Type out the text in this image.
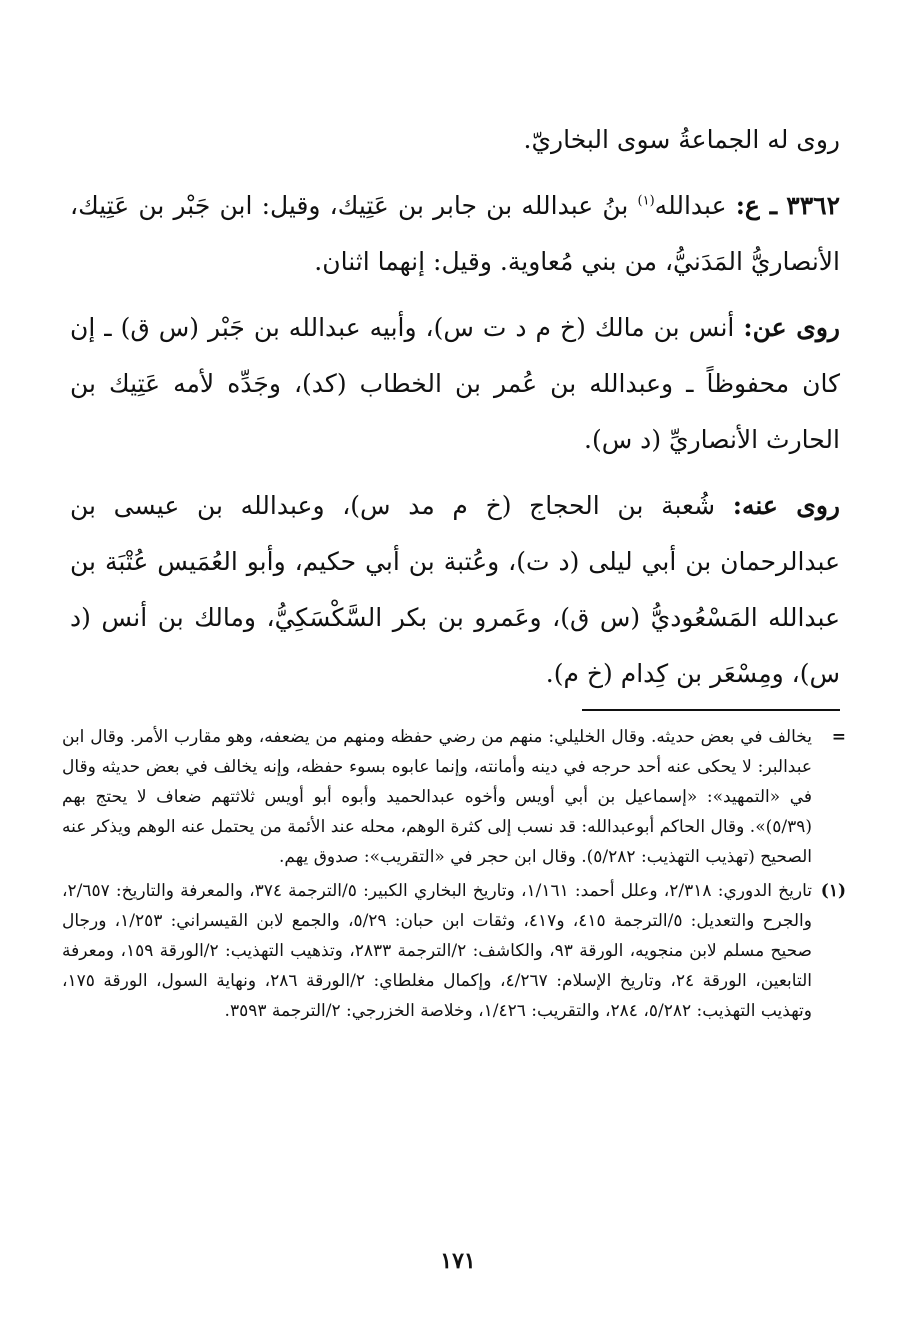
روى له الجماعةُ سوى البخاريّ.

٣٣٦٢ ـ ع: عبدالله$^{(١)}$ بنُ عبدالله بن جابر بن عَتِيك، وقيل: ابن جَبْر بن عَتِيك، الأنصاريُّ المَدَنيُّ، من بني مُعاوية. وقيل: إنهما اثنان.

روى عن: أنس بن مالك (خ م د ت س)، وأبيه عبدالله بن جَبْر (س ق) ـ إن كان محفوظاً ـ وعبدالله بن عُمر بن الخطاب (كد)، وجَدِّه لأمه عَتِيك بن الحارث الأنصاريِّ (د س).

روى عنه: شُعبة بن الحجاج (خ م مد س)، وعبدالله بن عيسى بن عبدالرحمان بن أبي ليلى (د ت)، وعُتبة بن أبي حكيم، وأبو العُمَيس عُتْبَة بن عبدالله المَسْعُوديُّ (س ق)، وعَمرو بن بكر السَّكْسَكِيُّ، ومالك بن أنس (د س)، ومِسْعَر بن كِدام (خ م).

=
يخالف في بعض حديثه. وقال الخليلي: منهم من رضي حفظه ومنهم من يضعفه، وهو مقارب الأمر. وقال ابن عبدالبر: لا يحكى عنه أحد حرجه في دينه وأمانته، وإنما عابوه بسوء حفظه، وإنه يخالف في بعض حديثه وقال في «التمهيد»: «إسماعيل بن أبي أويس وأخوه عبدالحميد وأبوه أبو أويس ثلاثتهم ضعاف لا يحتج بهم (٥/٣٩)». وقال الحاكم أبوعبدالله: قد نسب إلى كثرة الوهم، محله عند الأئمة من يحتمل عنه الوهم ويذكر عنه الصحيح (تهذيب التهذيب: ٥/٢٨٢). وقال ابن حجر في «التقريب»: صدوق يهم.
(١)
تاريخ الدوري: ٢/٣١٨، وعلل أحمد: ١/١٦١، وتاريخ البخاري الكبير: ٥/الترجمة ٣٧٤، والمعرفة والتاريخ: ٢/٦٥٧، والجرح والتعديل: ٥/الترجمة ٤١٥، و٤١٧، وثقات ابن حبان: ٥/٢٩، والجمع لابن القيسراني: ١/٢٥٣، ورجال صحيح مسلم لابن منجويه، الورقة ٩٣، والكاشف: ٢/الترجمة ٢٨٣٣، وتذهيب التهذيب: ٢/الورقة ١٥٩، ومعرفة التابعين، الورقة ٢٤، وتاريخ الإسلام: ٤/٢٦٧، وإكمال مغلطاي: ٢/الورقة ٢٨٦، ونهاية السول، الورقة ١٧٥، وتهذيب التهذيب: ٥/٢٨٢، ٢٨٤، والتقريب: ١/٤٢٦، وخلاصة الخزرجي: ٢/الترجمة ٣٥٩٣.
١٧١
